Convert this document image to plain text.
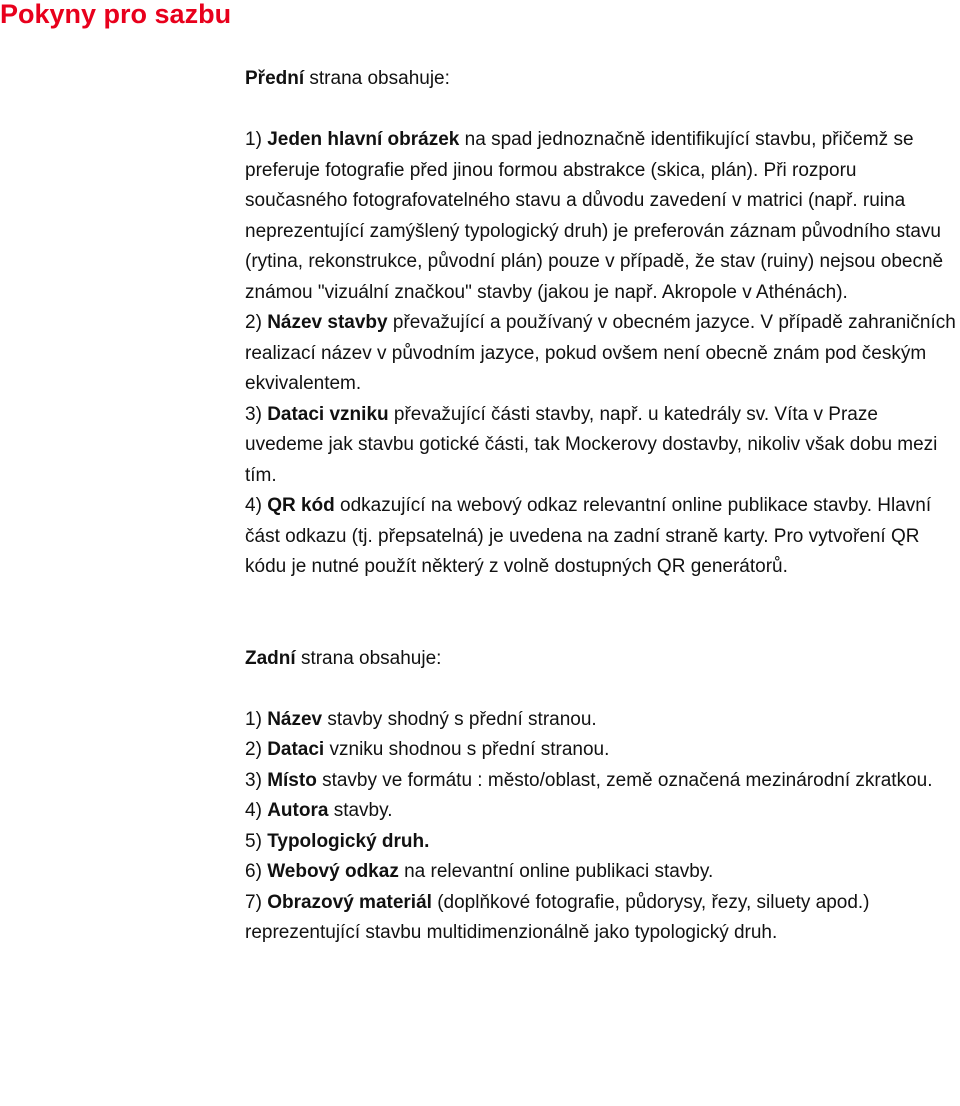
Pokyny pro sazbu

Přední strana obsahuje:

1) Jeden hlavní obrázek na spad jednoznačně identifikující stavbu, přičemž se preferuje fotografie před jinou formou abstrakce (skica, plán). Při rozporu současného fotografovatelného stavu a důvodu zavedení v matrici (např. ruina neprezentující zamýšlený typologický druh) je preferován záznam původního stavu (rytina, rekonstrukce, původní plán) pouze v případě, že stav (ruiny) nejsou obecně známou "vizuální značkou" stavby (jakou je např. Akropole v Athénách).

2) Název stavby převažující a používaný v obecném jazyce. V případě zahraničních realizací název v původním jazyce, pokud ovšem není obecně znám pod českým ekvivalentem.

3) Dataci vzniku převažující části stavby, např. u katedrály sv. Víta v Praze uvedeme jak stavbu gotické části, tak Mockerovy dostavby, nikoliv však dobu mezi tím.

4) QR kód odkazující na webový odkaz relevantní online publikace stavby. Hlavní část odkazu (tj. přepsatelná) je uvedena na zadní straně karty. Pro vytvoření QR kódu je nutné použít některý z volně dostupných QR generátorů.

Zadní strana obsahuje:

1) Název stavby shodný s přední stranou.

2) Dataci vzniku shodnou s přední stranou.

3) Místo stavby ve formátu : město/oblast, země označená mezinárodní zkratkou.

4) Autora stavby.

5) Typologický druh.

6) Webový odkaz na relevantní online publikaci stavby.

7) Obrazový materiál (doplňkové fotografie, půdorysy, řezy, siluety apod.) reprezentující stavbu multidimenzionálně jako typologický druh.
